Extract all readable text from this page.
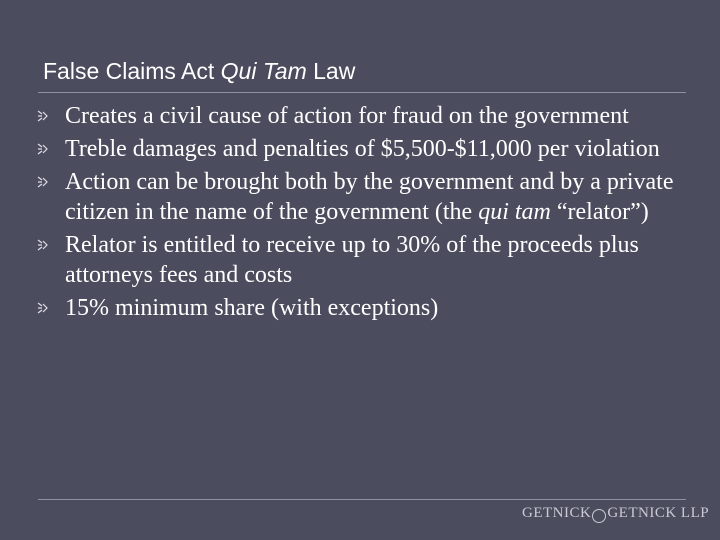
False Claims Act Qui Tam Law
Creates a civil cause of action for fraud on the government
Treble damages and penalties of $5,500-$11,000 per violation
Action can be brought both by the government and by a private citizen in the name of the government (the qui tam “relator”)
Relator is entitled to receive up to 30% of the proceeds plus attorneys fees and costs
15% minimum share (with exceptions)
GETNICK GETNICK LLP
